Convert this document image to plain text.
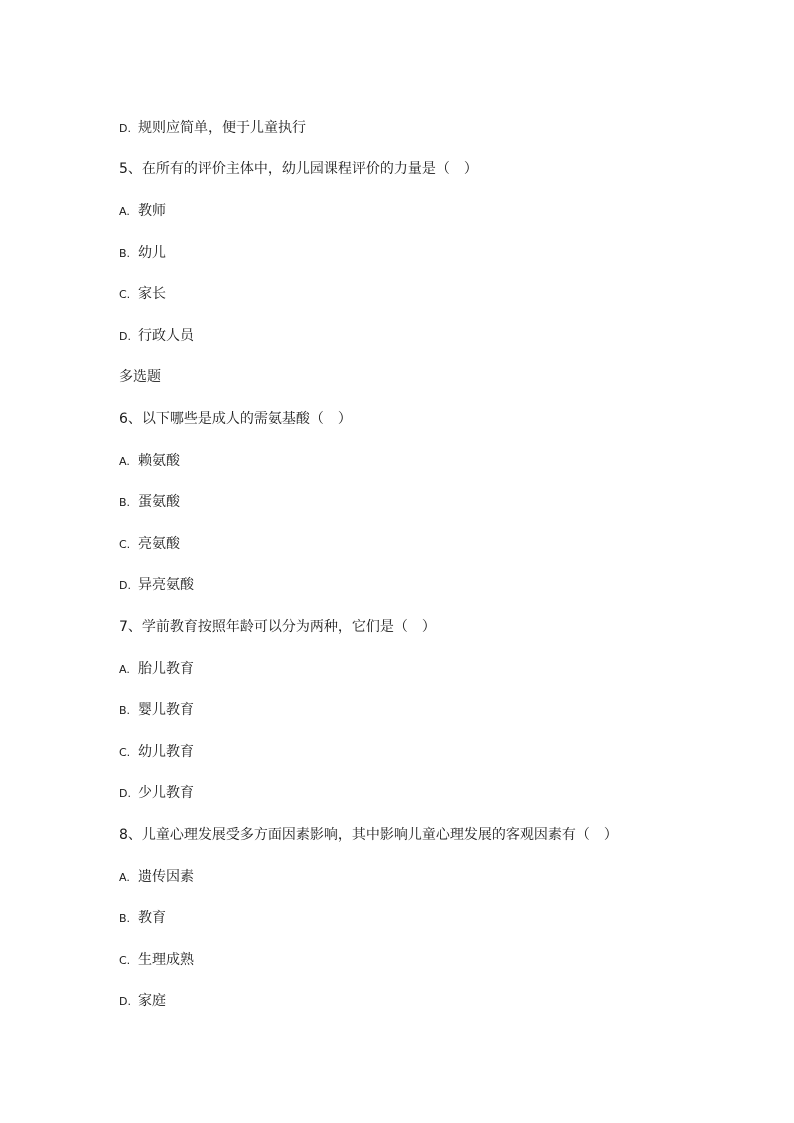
D. 规则应简单，便于儿童执行
5、在所有的评价主体中，幼儿园课程评价的力量是（　）
A. 教师
B. 幼儿
C. 家长
D. 行政人员
多选题
6、以下哪些是成人的需氨基酸（　）
A. 赖氨酸
B. 蛋氨酸
C. 亮氨酸
D. 异亮氨酸
7、学前教育按照年龄可以分为两种，它们是（　）
A. 胎儿教育
B. 婴儿教育
C. 幼儿教育
D. 少儿教育
8、儿童心理发展受多方面因素影响，其中影响儿童心理发展的客观因素有（　）
A. 遗传因素
B. 教育
C. 生理成熟
D. 家庭
